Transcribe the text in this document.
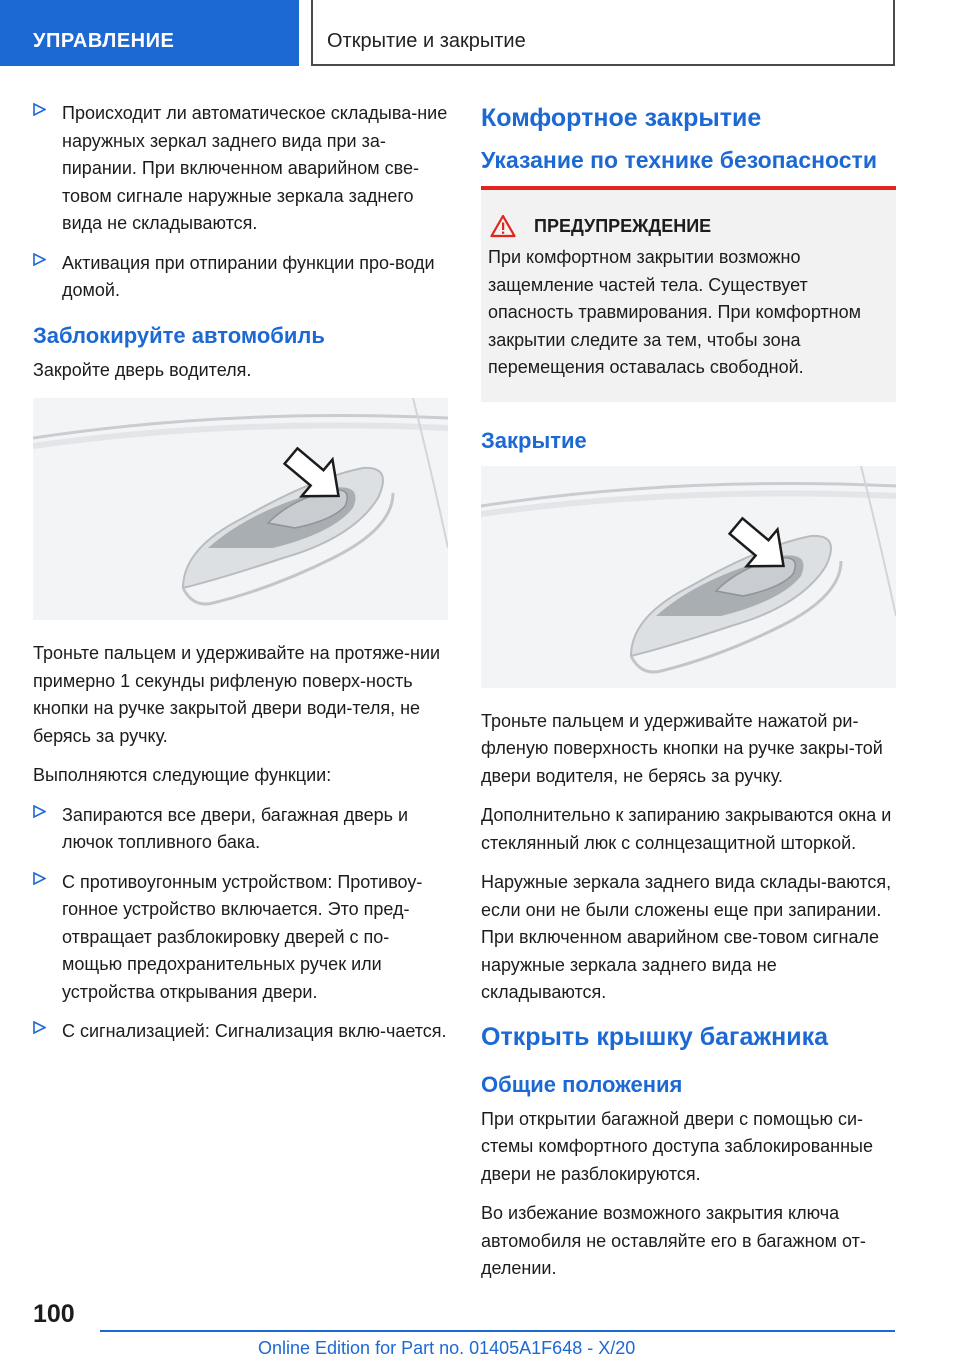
УПРАВЛЕНИЕ	Открытие и закрытие
Происходит ли автоматическое складыва-ние наружных зеркал заднего вида при за-пирании. При включенном аварийном све-товом сигнале наружные зеркала заднего вида не складываются.
Активация при отпирании функции про-води домой.
Заблокируйте автомобиль

Закройте дверь водителя.

Троньте пальцем и удерживайте на протяже-нии примерно 1 секунды рифленую поверх-ность кнопки на ручке закрытой двери води-теля, не берясь за ручку.

Выполняются следующие функции:

Запираются все двери, багажная дверь и лючок топливного бака.
С противоугонным устройством: Противоу-гонное устройство включается. Это пред-отвращает разблокировку дверей с по-мощью предохранительных ручек или устройства открывания двери.
С сигнализацией: Сигнализация вклю-чается.
Комфортное закрытие
Указание по технике безопасности
ПРЕДУПРЕЖДЕНИЕ

При комфортном закрытии возможно защемление частей тела. Существует опасность травмирования. При комфортном закрытии следите за тем, чтобы зона перемещения оставалась свободной.

Закрытие

Троньте пальцем и удерживайте нажатой ри-фленую поверхность кнопки на ручке закры-той двери водителя, не берясь за ручку.

Дополнительно к запиранию закрываются окна и стеклянный люк с солнцезащитной шторкой.

Наружные зеркала заднего вида склады-ваются, если они не были сложены еще при запирании. При включенном аварийном све-товом сигнале наружные зеркала заднего вида не складываются.

Открыть крышку багажника
Общие положения

При открытии багажной двери с помощью си-стемы комфортного доступа заблокированные двери не разблокируются.

Во избежание возможного закрытия ключа автомобиля не оставляйте его в багажном от-делении.

100
Online Edition for Part no. 01405A1F648 - X/20
